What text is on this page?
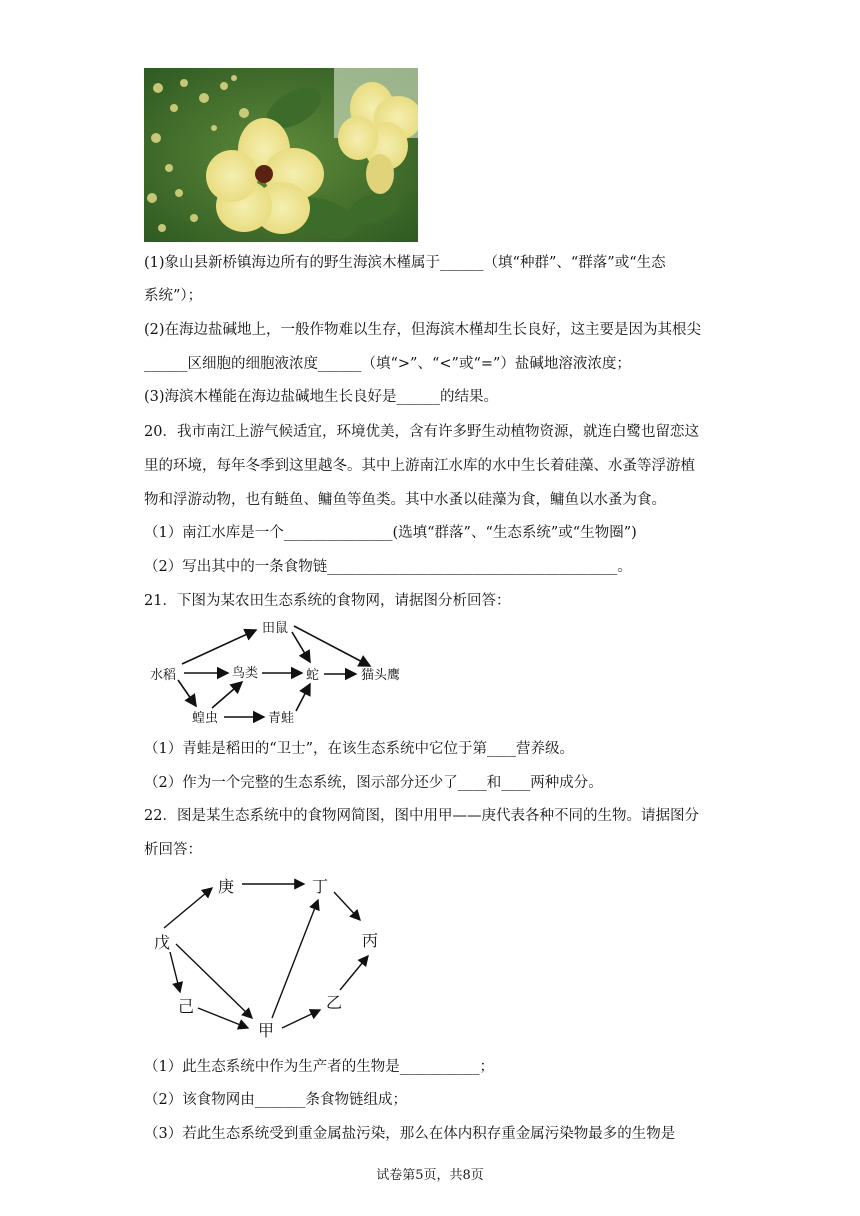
(1)象山县新桥镇海边所有的野生海滨木槿属于______（填“种群”、“群落”或“生态
系统”）；
(2)在海边盐碱地上，一般作物难以生存，但海滨木槿却生长良好，这主要是因为其根尖
______区细胞的细胞液浓度______（填“>”、“<”或“=”）盐碱地溶液浓度；
(3)海滨木槿能在海边盐碱地生长良好是______的结果。
20．我市南江上游气候适宜，环境优美，含有许多野生动植物资源，就连白鹭也留恋这
里的环境，每年冬季到这里越冬。其中上游南江水库的水中生长着硅藻、水蚤等浮游植
物和浮游动物，也有鲢鱼、鳙鱼等鱼类。其中水蚤以硅藻为食，鳙鱼以水蚤为食。
（1）南江水库是一个_______________(选填“群落”、“生态系统”或“生物圈”)
（2）写出其中的一条食物链________________________________________。
21．下图为某农田生态系统的食物网，请据图分析回答：
田鼠
水稻	鸟类	蛇	猫头鹰
蝗虫	青蛙
（1）青蛙是稻田的“卫士”，在该生态系统中它位于第____营养级。
（2）作为一个完整的生态系统，图示部分还少了____和____两种成分。
22．图是某生态系统中的食物网简图，图中用甲——庚代表各种不同的生物。请据图分
析回答：
庚	丁
戊	丙
己
甲
乙
（1）此生态系统中作为生产者的生物是___________；
（2）该食物网由_______条食物链组成；
（3）若此生态系统受到重金属盐污染，那么在体内积存重金属污染物最多的生物是
试卷第5页，共8页
